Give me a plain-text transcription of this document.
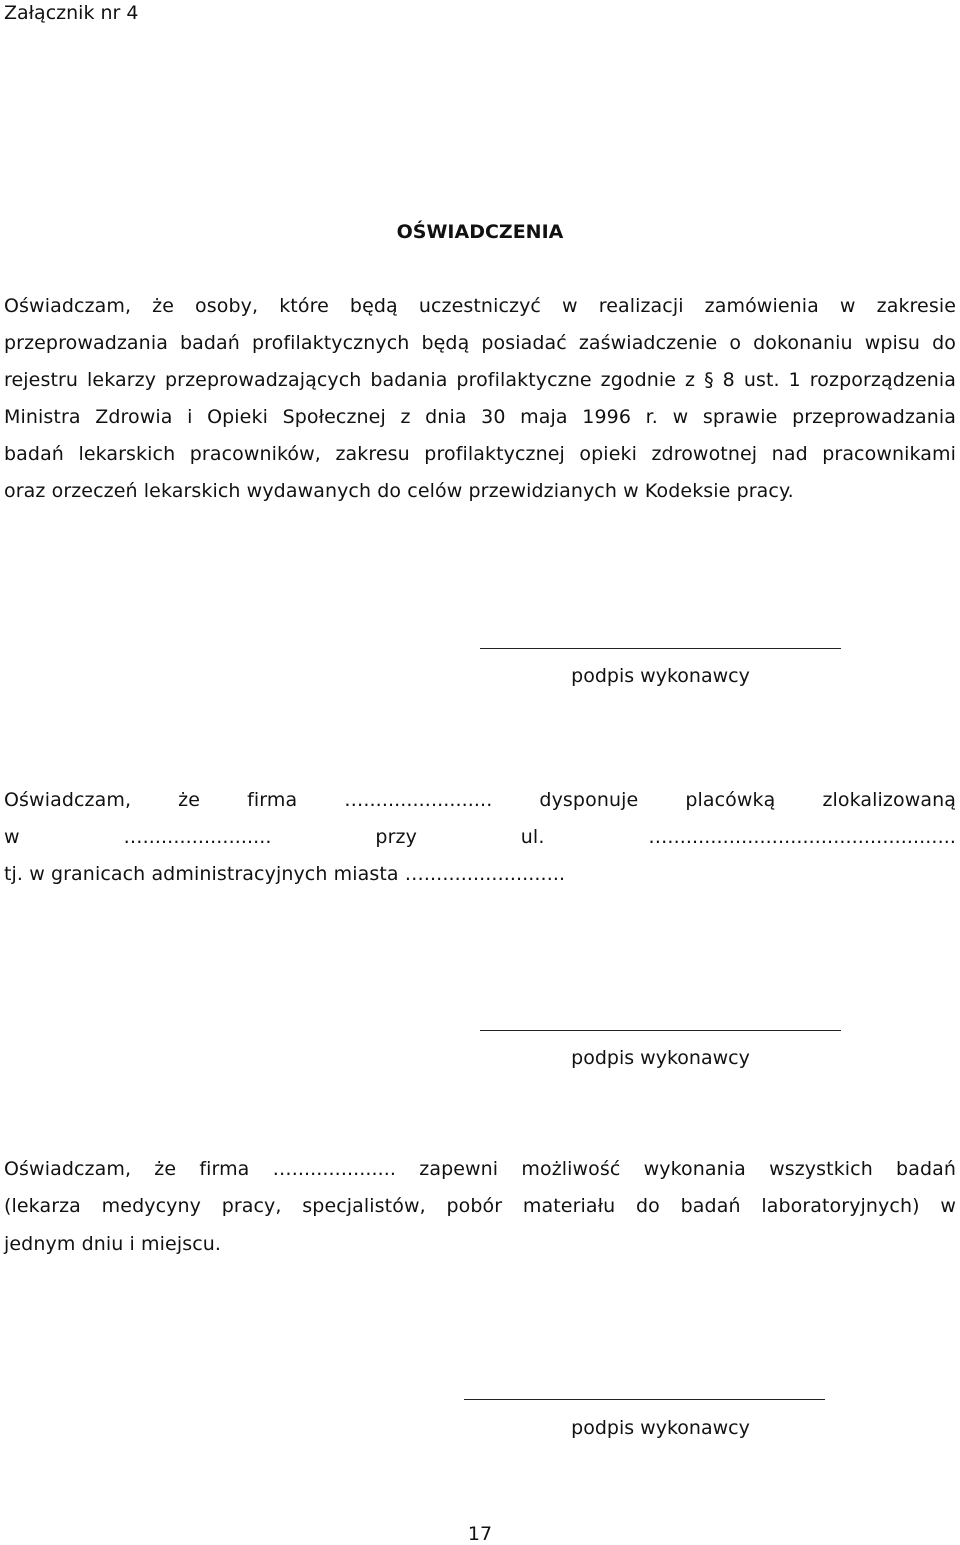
Załącznik nr 4
OŚWIADCZENIA
Oświadczam, że osoby, które będą uczestniczyć w realizacji zamówienia w zakresie
przeprowadzania badań profilaktycznych będą posiadać zaświadczenie o dokonaniu wpisu do
rejestru lekarzy przeprowadzających badania profilaktyczne zgodnie z § 8 ust. 1 rozporządzenia
Ministra Zdrowia i Opieki Społecznej z dnia 30 maja 1996 r. w sprawie przeprowadzania
badań lekarskich pracowników, zakresu profilaktycznej opieki zdrowotnej nad pracownikami
oraz orzeczeń lekarskich wydawanych do celów przewidzianych w Kodeksie pracy.
podpis wykonawcy
Oświadczam, że firma …..................... dysponuje placówką zlokalizowaną
w …..................... przy ul. …...............................................
tj. w granicach administracyjnych miasta ….......................
podpis wykonawcy
Oświadczam, że firma …................. zapewni możliwość wykonania wszystkich badań
(lekarza medycyny pracy, specjalistów, pobór materiału do badań laboratoryjnych) w
jednym dniu i miejscu.
podpis wykonawcy
17
